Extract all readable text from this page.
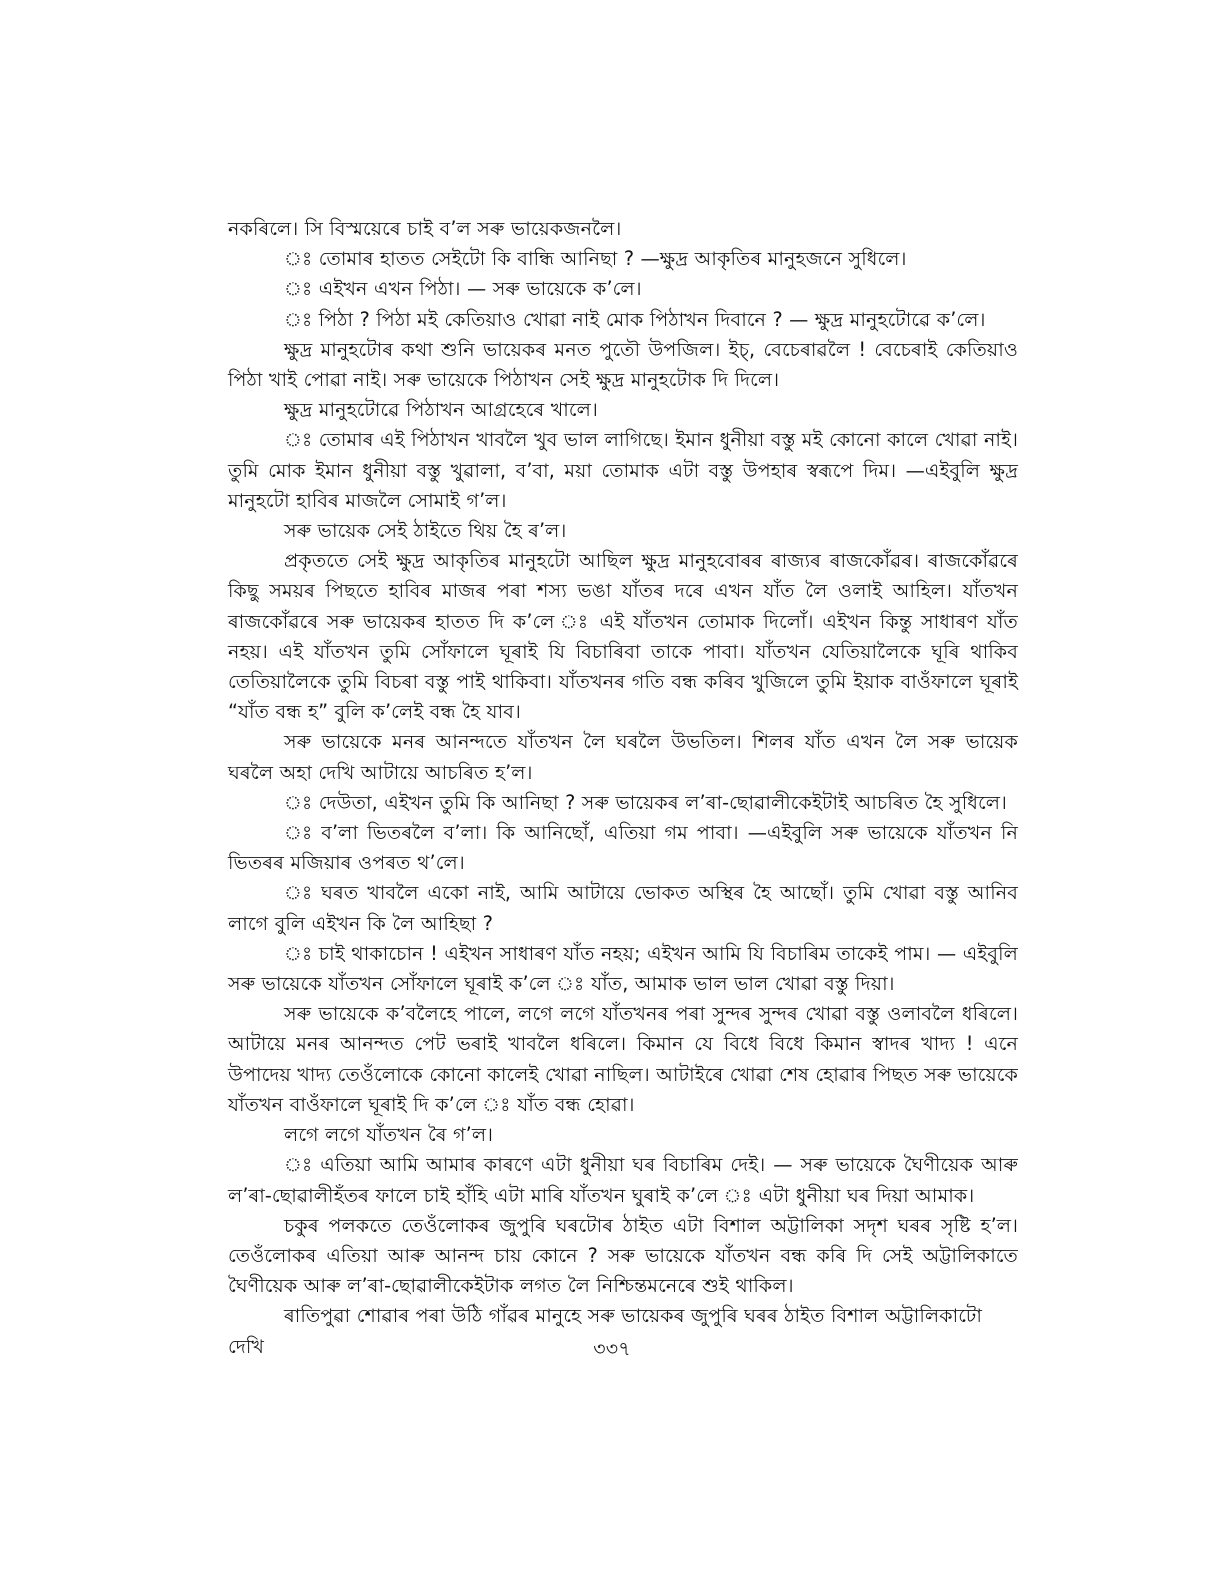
নকৰিলে। সি বিস্ময়েৰে চাই ব’ল সৰু ভায়েকজনলৈ।

ঃ তোমাৰ হাতত সেইটো কি বান্ধি আনিছা ? —ক্ষুদ্ৰ আকৃতিৰ মানুহজনে সুধিলে।

ঃ এইখন এখন পিঠা। — সৰু ভায়েকে ক’লে।

ঃ পিঠা ? পিঠা মই কেতিয়াও খোৱা নাই মোক পিঠাখন দিবানে ? — ক্ষুদ্ৰ মানুহটোৱে ক’লে।

ক্ষুদ্ৰ মানুহটোৰ কথা শুনি ভায়েকৰ মনত পুতৌ উপজিল। ইচ্, বেচেৰাৱলৈ ! বেচেৰাই কেতিয়াও পিঠা খাই পোৱা নাই। সৰু ভায়েকে পিঠাখন সেই ক্ষুদ্ৰ মানুহটোক দি দিলে।

ক্ষুদ্ৰ মানুহটোৱে পিঠাখন আগ্ৰহেৰে খালে।

ঃ তোমাৰ এই পিঠাখন খাবলৈ খুব ভাল লাগিছে। ইমান ধুনীয়া বস্তু মই কোনো কালে খোৱা নাই। তুমি মোক ইমান ধুনীয়া বস্তু খুৱালা, ব’বা, ময়া তোমাক এটা বস্তু উপহাৰ স্বৰূপে দিম। —এইবুলি ক্ষুদ্ৰ মানুহটো হাবিৰ মাজলৈ সোমাই গ’ল।

সৰু ভায়েক সেই ঠাইতে থিয় হৈ ৰ’ল।

প্ৰকৃততে সেই ক্ষুদ্ৰ আকৃতিৰ মানুহটো আছিল ক্ষুদ্ৰ মানুহবোৰৰ ৰাজ্যৰ ৰাজকোঁৱৰ। ৰাজকোঁৱৰে কিছু সময়ৰ পিছতে হাবিৰ মাজৰ পৰা শস্য ভঙা যাঁতৰ দৰে এখন যাঁত লৈ ওলাই আহিল। যাঁতখন ৰাজকোঁৱৰে সৰু ভায়েকৰ হাতত দি ক’লে ঃ এই যাঁতখন তোমাক দিলোঁ। এইখন কিন্তু সাধাৰণ যাঁত নহয়। এই যাঁতখন তুমি সোঁফালে ঘূৰাই যি বিচাৰিবা তাকে পাবা। যাঁতখন যেতিয়ালৈকে ঘূৰি থাকিব তেতিয়ালৈকে তুমি বিচৰা বস্তু পাই থাকিবা। যাঁতখনৰ গতি বন্ধ কৰিব খুজিলে তুমি ইয়াক বাওঁফালে ঘূৰাই “যাঁত বন্ধ হ” বুলি ক’লেই বন্ধ হৈ যাব।

সৰু ভায়েকে মনৰ আনন্দতে যাঁতখন লৈ ঘৰলৈ উভতিল। শিলৰ যাঁত এখন লৈ সৰু ভায়েক ঘৰলৈ অহা দেখি আটায়ে আচৰিত হ’ল।

ঃ দেউতা, এইখন তুমি কি আনিছা ? সৰু ভায়েকৰ ল’ৰা-ছোৱালীকেইটাই আচৰিত হৈ সুধিলে।

ঃ ব’লা ভিতৰলৈ ব’লা। কি আনিছোঁ, এতিয়া গম পাবা। —এইবুলি সৰু ভায়েকে যাঁতখন নি ভিতৰৰ মজিয়াৰ ওপৰত থ’লে।

ঃ ঘৰত খাবলৈ একো নাই, আমি আটায়ে ভোকত অস্থিৰ হৈ আছোঁ। তুমি খোৱা বস্তু আনিব লাগে বুলি এইখন কি লৈ আহিছা ?

ঃ চাই থাকাচোন ! এইখন সাধাৰণ যাঁত নহয়; এইখন আমি যি বিচাৰিম তাকেই পাম। — এইবুলি সৰু ভায়েকে যাঁতখন সোঁফালে ঘূৰাই ক’লে ঃ যাঁত, আমাক ভাল ভাল খোৱা বস্তু দিয়া।

সৰু ভায়েকে ক’বলৈহে পালে, লগে লগে যাঁতখনৰ পৰা সুন্দৰ সুন্দৰ খোৱা বস্তু ওলাবলৈ ধৰিলে। আটায়ে মনৰ আনন্দত পেট ভৰাই খাবলৈ ধৰিলে। কিমান যে বিধে বিধে কিমান স্বাদৰ খাদ্য ! এনে উপাদেয় খাদ্য তেওঁলোকে কোনো কালেই খোৱা নাছিল। আটাইৰে খোৱা শেষ হোৱাৰ পিছত সৰু ভায়েকে যাঁতখন বাওঁফালে ঘূৰাই দি ক’লে ঃ যাঁত বন্ধ হোৱা।

লগে লগে যাঁতখন ৰৈ গ’ল।

ঃ এতিয়া আমি আমাৰ কাৰণে এটা ধুনীয়া ঘৰ বিচাৰিম দেই। — সৰু ভায়েকে ঘৈণীয়েক আৰু ল’ৰা-ছোৱালীহঁতৰ ফালে চাই হাঁহি এটা মাৰি যাঁতখন ঘুৰাই ক’লে ঃ এটা ধুনীয়া ঘৰ দিয়া আমাক।

চকুৰ পলকতে তেওঁলোকৰ জুপুৰি ঘৰটোৰ ঠাইত এটা বিশাল অট্টালিকা সদৃশ ঘৰৰ সৃষ্টি হ’ল। তেওঁলোকৰ এতিয়া আৰু আনন্দ চায় কোনে ? সৰু ভায়েকে যাঁতখন বন্ধ কৰি দি সেই অট্টালিকাতে ঘৈণীয়েক আৰু ল’ৰা-ছোৱালীকেইটাক লগত লৈ নিশ্চিন্তমনেৰে শুই থাকিল।

ৰাতিপুৱা শোৱাৰ পৰা উঠি গাঁৱৰ মানুহে সৰু ভায়েকৰ জুপুৰি ঘৰৰ ঠাইত বিশাল অট্টালিকাটো দেখি	৩৩৭
